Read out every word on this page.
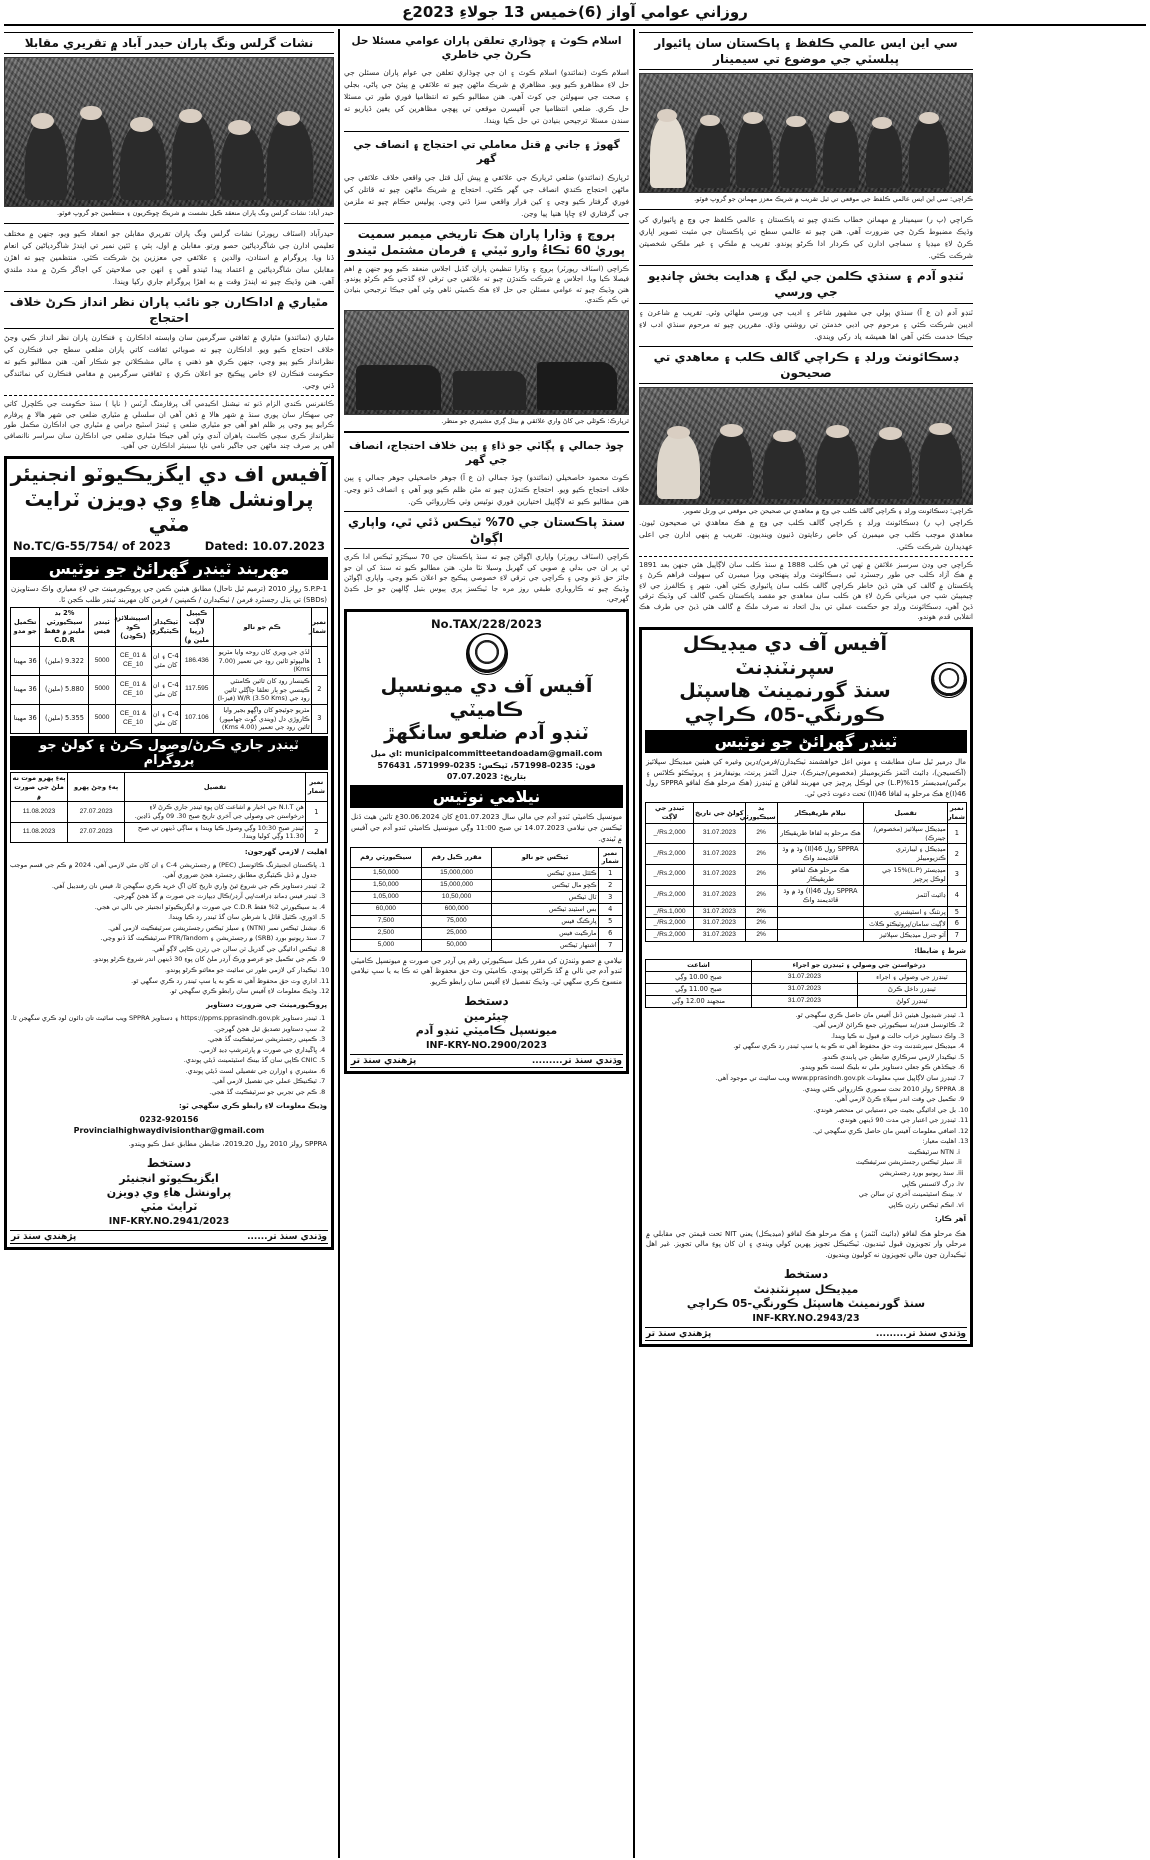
روزاني عوامي آواز (6)خميس 13 جولاءِ 2023ع
نشات گرلس ونگ پاران حيدر آباد ۾ تقريري مقابلا
حيدر آباد: نشات گرلس ونگ پاران منعقد ڪيل نشست ۾ شريڪ ڇوڪريون ۽ منتظمين جو گروپ فوٽو.
حيدرآباد (اسٽاف رپورٽر) نشات گرلس ونگ پاران تقريري مقابلن جو انعقاد ڪيو ويو، جنهن ۾ مختلف تعليمي ادارن جي شاگردياڻين حصو ورتو. مقابلن ۾ اول، ٻئي ۽ ٽئين نمبر تي ايندڙ شاگردياڻين کي انعام ڏنا ويا. پروگرام ۾ استادن، والدين ۽ علائقي جي معززين پڻ شرڪت ڪئي. منتظمين چيو ته اهڙن مقابلن سان شاگردياڻين ۾ اعتماد پيدا ٿيندو آهي ۽ انهن جي صلاحيتن کي اجاگر ڪرڻ ۾ مدد ملندي آهي. هنن وڌيڪ چيو ته ايندڙ وقت ۾ به اهڙا پروگرام جاري رکيا ويندا.
مٿياري ۾ اداڪارن جو نائب پاران نظر انداز ڪرڻ خلاف احتجاج
مٿياري (نمائندو) مٿياري ۾ ثقافتي سرگرمين سان وابسته اداڪارن ۽ فنڪارن پاران نظر انداز ڪيي وڃڻ خلاف احتجاج ڪيو ويو. اداڪارن چيو ته صوبائي ثقافت کاتي پاران ضلعي سطح جي فنڪارن کي نظرانداز ڪيو پيو وڃي، جنهن ڪري هو ذهني ۽ مالي مشڪلاتن جو شڪار آهن. هنن مطالبو ڪيو ته حڪومت فنڪارن لاءِ خاص پيڪيج جو اعلان ڪري ۽ ثقافتي سرگرمين ۾ مقامي فنڪارن کي نمائندگي ڏني وڃي.
ڪانفرنس ڪندي الزام ڏنو ته نيشنل اڪيڊمي آف پرفارمنگ آرٽس ( ناپا ) سنڌ حڪومت جي ڪلچرل کاتي جي سهڪار سان پوري سنڌ ۾ شهر هالا ۾ ڏهن آهي ان سلسلي ۾ مٿياري ضلعي جي شهر هالا ۾ پرفارم ڪرايو پيو وڃي پر ظلم اهو آهي جو مٿياري ضلعي ۽ ٿيندڙ اسٽيج ڊرامي ۾ مٿياري جي اداڪارن مڪمل طور نظرانداز ڪري سچي ڪاسٽ ٻاهران آندي وئي آهي جيڪا مٿياري ضلعي جي اداڪارن سان سراسر ناانصافي آهي پر صرف چند ماڻهن جي جاگير نامي ناپا سينيئر اداڪارن جي آهي.
آفيس اف دي ايگزيڪيوٽو انجنيئر
پراونشل هاءِ وي ڊويزن ٽرايٽ مٽي
No.TC/G-55/754/ of 2023	Dated: 10.07.2023
مهربند ٽينڊر گهرائڻ جو نوٽيس
S.P.P-1 رولز 2010 (ترميم ٿيل تاحال) مطابق هيٺين ڪمن جي پروڪيورمينٽ جي لاءِ معياري واڪ دستاويزن (SBDs) تي ٻڌل رجسٽرڊ فرمن / ٺيڪيدارن / ڪمپنين / فرمن کان مهربند ٽينڊر طلب ڪجن ٿا.
نمبر شمار	ڪم جو نالو	ڪيٻيل لاڳت (رپيا ملين ۾)	ٺيڪيدار ڪيٽيگري	اسپيشلائزڊ ڪوڊ (ڪوڊن)	ٽينڊر فيس	2% بد سيڪيورٽي ملينز ۾ فقط C.D.R	تڪميل جو مدو
1	لڏي جي ويري کان روحه وايا مٽريو هاليپوٽو ٿائين روڊ جي تعمير (7.00 Kms)	186.436	C-4 ۽ ان کان مٿي	CE_01 & CE_10	5000	9.322 (ملين)	36 مهينا
2	ڪينسار روڊ کان ٿائين ڪامنٽي ڪينسي جو ٻار تعلقا ڄاڳلي ٿائين روڊ جي W/R (3.50 Kms) (فيز-I)	117.595	C-4 ۽ ان کان مٿي	CE_01 & CE_10	5000	5.880 (ملين)	36 مهينا
3	مٽريو جوٽيجو کان واڳهو بجير وايا ڪاروڙي دل (ويندي گوٽ جهامپور) ٿائين روڊ جي تعمير (4.00 Kms)	107.106	C-4 ۽ ان کان مٿي	CE_01 & CE_10	5000	5.355 (ملين)	36 مهينا
ٽينڊر جاري ڪرڻ/وصول ڪرڻ ۽ کولڻ جو پروگرام
نمبر شمار	تفصيل	ٻهءِ وڃڻ پهرو	ٻهءِ پهرو موت نه ملڻ جي صورت ۾
1	هن N.I.T جي اخبار ۾ اشاعت کان پوءِ ٽينڊر جاري ڪرڻ لاءِ درخواستن جي وصولي جي آخري تاريخ صبح 30. 09 وڳي ڏاڍين.	27.07.2023	11.08.2023
2	ٽينڊر صبح 10:30 وڳي وصول ڪيا ويندا ۽ ساڳي ڏينهن تي صبح 11.30 وڳي کوليا ويندا.	27.07.2023	11.08.2023
اهليت / لازمي گهرجون:
1. پاڪستان انجنيئرنگ ڪائونسل (PEC) ۾ رجسٽريشن C-4 ۽ ان کان مٿي لازمي آهي، 2024 ۾ ڪم جي قسم موجب جدول ۾ ڏنل ڪيٽيگري مطابق رجسٽرڊ هجڻ ضروري آهي.
2. ٽينڊر دستاويز ڪم جي شروع ٿيڻ واري تاريخ کان اڳ خريد ڪري سگهجن ٿا، فيس نان رفنڊيبل آهي.
3. ٽينڊر فيس ڊمانڊ ڊرافٽ/پي آرڊر/ڪال ڊيپازٽ جي صورت ۾ گڏ هجڻ گهرجي.
4. بد سيڪيورٽي 2% فقط C.D.R جي صورت ۾ ايگزيڪيوٽو انجنيئر جي نالي تي هجي.
5. اڌوري، ڪٽيل ڦاٽل يا شرطن سان گڏ ٽينڊر رد ڪيا ويندا.
6. نيشنل ٽيڪس نمبر (NTN) ۽ سيلز ٽيڪس رجسٽريشن سرٽيفڪيٽ لازمي آهي.
7. سنڌ ريونيو بورڊ (SRB) ۾ رجسٽريشن ۽ PTR/Tandom سرٽيفڪيٽ گڏ ڏنو وڃي.
8. ٽيڪس ادائيگي جي گذريل ٽن سالن جي رٽرن ڪاپي لاڳو آهي.
9. ڪم جي تڪميل جو عرصو ورڪ آرڊر ملڻ کان پوءِ 30 ڏينهن اندر شروع ڪرڻو پوندو.
10. ٺيڪيدار کي لازمي طور تي سائيٽ جو معائنو ڪرڻو پوندو.
11. اداري وٽ حق محفوظ آهي ته ڪو به يا سڀ ٽينڊر رد ڪري سگهي ٿو.
12. وڌيڪ معلومات لاءِ آفيس سان رابطو ڪري سگهجي ٿو.
پروڪيورمينٽ جي ضرورت دستاويز
1. ٽينڊر دستاويز https://ppms.pprasindh.gov.pk ۽ دستاويز SPPRA ويب سائيٽ تان ڊائون لوڊ ڪري سگهجن ٿا.
2. سڀ دستاويز تصديق ٿيل هجڻ گهرجن.
3. ڪمپني رجسٽريشن سرٽيفڪيٽ گڏ هجي.
4. ڀاڱيداري جي صورت ۾ پارٽنرشپ ڊيڊ لازمي.
5. CNIC ڪاپي سان گڏ بينڪ اسٽيٽمينٽ ڏيڻي پوندي.
6. مشينري ۽ اوزارن جي تفصيلي لسٽ ڏيڻي پوندي.
7. ٽيڪنيڪل عملي جي تفصيل لازمي آهي.
8. ڪم جي تجربي جو سرٽيفڪيٽ گڏ هجي.
وڌيڪ معلومات لاءِ رابطو ڪري سگهجي ٿو:
0232-920156
Provincialhighwaydivisionthar@gmail.com
SPPRA رولز 2010 رول 20ـ2019، ضابطن مطابق عمل ڪيو ويندو.
دستخط
ايگزيڪيوٽو انجنيئر
پراونشل هاءِ وي ڊويزن
ٽرايٽ مٽي
INF-KRY.NO.2941/2023
وڌندي سنڌ تر......
پڙهندي سنڌ تر
اسلام ڪوٽ ۽ چوڌاري تعلقن پاران عوامي مسئلا حل ڪرڻ جي خاطري
اسلام ڪوٽ (نمائندو) اسلام ڪوٽ ۽ ان جي چوڌاري تعلقن جي عوام پاران مسئلن جي حل لاءِ مظاهرو ڪيو ويو. مظاهري ۾ شريڪ ماڻهن چيو ته علائقي ۾ پيئڻ جي پاڻي، بجلي ۽ صحت جي سهولتن جي کوٽ آهي. هنن مطالبو ڪيو ته انتظاميا فوري طور تي مسئلا حل ڪري. ضلعي انتظاميا جي آفيسرن موقعي تي پهچي مظاهرين کي يقين ڏياريو ته سندن مسئلا ترجيحي بنيادن تي حل ڪيا ويندا.
گهوڙ ۽ جاني ۾ قتل معاملي تي احتجاج ۽ انصاف جي گهر
ٿرپارڪ (نمائندو) ضلعي ٿرپارڪ جي علائقي ۾ پيش آيل قتل جي واقعي خلاف علائقي جي ماڻهن احتجاج ڪندي انصاف جي گهر ڪئي. احتجاج ۾ شريڪ ماڻهن چيو ته قاتلن کي فوري گرفتار ڪيو وڃي ۽ کين قرار واقعي سزا ڏني وڃي. پوليس حڪام چيو ته ملزمن جي گرفتاري لاءِ ڇاپا هنيا پيا وڃن.
ٻروچ ۽ وڌارا پاران ھڪ تاريخي ميمبر سميت پوريٰ 60 ٽڪاءُ وارو ٽيٽي ۽ فرمان مشتمل ٿيندو
ڪراچي (اسٽاف رپورٽر) ٻروچ ۽ وڌارا تنظيمن پاران گڏيل اجلاس منعقد ڪيو ويو جنهن ۾ اهم فيصلا ڪيا ويا. اجلاس ۾ شرڪت ڪندڙن چيو ته علائقي جي ترقي لاءِ گڏجي ڪم ڪرڻو پوندو. هنن وڌيڪ چيو ته عوامي مسئلن جي حل لاءِ هڪ ڪميٽي ٺاهي وئي آهي جيڪا ترجيحي بنيادن تي ڪم ڪندي.
ٿرپارڪ: ڪوئلي جي کاڻ واري علائقي ۾ بيٺل ڳري مشينري جو منظر.
چوڌ جمالي ۽ پڳاٽي جو ڌاءِ ۽ ٻين خلاف احتجاج، انصاف جي گهر
ڪوٽ محمود خاصخيلي (نمائندو) چوڌ جمالي (ن ع آ) جوهر خاصخيلي جوهر جمالي ۽ ٻين خلاف احتجاج ڪيو ويو. احتجاج ڪندڙن چيو ته مٿن ظلم ڪيو ويو آهي ۽ انصاف ڏنو وڃي. هنن مطالبو ڪيو ته لاڳاپيل اختيارين فوري نوٽيس وٺي ڪارروائي ڪن.
سنڌ پاڪستان جي 70% ٽيڪس ڏئي ٿي، واپاري اڳواڻ
ڪراچي (اسٽاف رپورٽر) واپاري اڳواڻن چيو ته سنڌ پاڪستان جي 70 سيڪڙو ٽيڪس ادا ڪري ٿي پر ان جي بدلي ۾ صوبي کي گهربل وسيلا نٿا ملن. هنن مطالبو ڪيو ته سنڌ کي ان جو جائز حق ڏنو وڃي ۽ ڪراچي جي ترقي لاءِ خصوصي پيڪيج جو اعلان ڪيو وڃي. واپاري اڳواڻن وڌيڪ چيو ته ڪاروباري طبقي روز مره جا ٽيڪسز پري ٻيوس بتيل ڳالهين جو حل ڪڍڻ گهرجي.
No.TAX/228/2023
آفيس آف دي ميونسپل ڪاميٽي
ٽنڊو آدم ضلعو سانگهڙ
اي ميل: municipalcommitteetandoadam@gmail.com
فون: 0235-571998، ٽيڪس: 0235-571999، 576431
بتاريخ: 07.07.2023
نيلامي نوٽيس
ميونسپل ڪاميٽي ٽنڊو آدم جي مالي سال 01.07.2023ع کان 30.06.2024ع تائين ھيٺ ڏنل ٽيڪسن جي نيلامي 14.07.2023 تي صبح 11:00 وڳي ميونسپل ڪاميٽي ٽنڊو آدم جي آفيس ۾ ٿيندي.
نمبر شمار	ٽيڪس جو نالو	مقرر ڪيل رقم	سيڪيورٽي رقم
1	ڪئٽل منڊي ٽيڪس	15,000,000	1,50,000
2	ڪچو مال ٽيڪس	15,000,000	1,50,000
3	ٽال ٽيڪس	10,50,000	1,05,000
4	بس اسٽينڊ ٽيڪس	600,000	60,000
5	پارڪنگ فيس	75,000	7,500
6	مارڪيٽ فيس	25,000	2,500
7	اشتهار ٽيڪس	50,000	5,000
نيلامي ۾ حصو وٺندڙن کي مقرر ڪيل سيڪيورٽي رقم پي آرڊر جي صورت ۾ ميونسپل ڪاميٽي ٽنڊو آدم جي نالي ۾ گڏ ڪرائڻي پوندي. ڪاميٽي وٽ حق محفوظ آهي ته ڪا به يا سڀ نيلامي منسوخ ڪري سگهي ٿي. وڌيڪ تفصيل لاءِ آفيس سان رابطو ڪريو.
دستخط
چيئرمين
ميونسپل ڪاميٽي ٽنڊو آدم
INF-KRY-NO.2900/2023
وڌندي سنڌ تر.........
پڙهندي سنڌ تر
سي اين ايس عالمي ڪلفظ ۽ پاڪستان سان ڀائيوار پبلسٽي جي موضوع تي سيمينار
ڪراچي: سي اين ايس عالمي ڪلفظ جي موقعي تي ٿيل تقريب ۾ شريڪ معزز مهمانن جو گروپ فوٽو.
ڪراچي (پ ر) سيمينار ۾ مهمانن خطاب ڪندي چيو ته پاڪستان ۽ عالمي ڪلفظ جي وچ ۾ ڀائيواري کي وڌيڪ مضبوط ڪرڻ جي ضرورت آهي. هنن چيو ته عالمي سطح تي پاڪستان جي مثبت تصوير اڀاري ڪرڻ لاءِ ميڊيا ۽ سماجي ادارن کي ڪردار ادا ڪرڻو پوندو. تقريب ۾ ملڪي ۽ غير ملڪي شخصيتن شرڪت ڪئي.
ٽنڊو آدم ۽ سنڌي ڪلمن جي ليگ ۽ هدايت بخش چانڊيو جي ورسي
ٽنڊو آدم (ن ع آ) سنڌي ٻولي جي مشهور شاعر ۽ اديب جي ورسي ملهائي وئي. تقريب ۾ شاعرن ۽ اديبن شرڪت ڪئي ۽ مرحوم جي ادبي خدمتن تي روشني وڌي. مقررين چيو ته مرحوم سنڌي ادب لاءِ جيڪا خدمت ڪئي آهي اها هميشه ياد رکي ويندي.
ڊسڪائونٽ ورلڊ ۽ ڪراچي گالف ڪلب ۽ معاهدي تي صحيحون
ڪراچي: ڊسڪائونٽ ورلڊ ۽ ڪراچي گالف ڪلب جي وچ ۾ معاهدي تي صحيحن جي موقعي تي ورتل تصوير.
ڪراچي (پ ر) ڊسڪائونٽ ورلڊ ۽ ڪراچي گالف ڪلب جي وچ ۾ هڪ معاهدي تي صحيحون ٿيون. معاهدي موجب ڪلب جي ميمبرن کي خاص رعايتون ڏنيون وينديون. تقريب ۾ ٻنهي ادارن جي اعلى عهديدارن شرڪت ڪئي.
ڪراچي جي وڊن سرسبز علائقن ۾ ٺهي ٿي هي ڪلب 1888 ۾ سنڌ ڪلب سان لاڳاپيل هئي جنهن بعد 1891 ۾ هڪ آزاد ڪلب جي طور رجسٽرڊ ٿيي ڊسڪائونٽ ورلڊ پنهنجي ويزا ميمبرن کي سهولت فراهم ڪرڻ ۽ پاڪستان ۾ گالف کي هٿي ڏيڻ خاطر ڪراچي گالف ڪلب سان ڀائيواري ڪئي آهي. شهر ۽ ڪالفرز جي لاءِ چيمپيئن شپ جي ميزباني ڪرڻ لاءِ هن ڪلب سان معاهدي جو مقصد پاڪستان ڪمي گالف کي وڌيڪ ترقي ڏيڻ آهي، ڊسڪائونٽ ورلڊ جو حڪمت عملي تي بدل اتحاد نه صرف ملڪ ۾ گالف هئي ڏيڻ جي طرف هڪ انقلابي قدم هوندو.
آفيس آف دي ميڊيڪل سپرنٽنڊنٽ
سنڌ گورنمينٽ هاسپٽل ڪورنگي-05، ڪراچي
ٽينڊر گهرائڻ جو نوٽيس
مال ڊرمير ٿيل سان مطابقت ۽ موني اعل خواهشمند ٺيڪيدارن/فرمن/ڊرين وغيره کي هيٺين ميڊيڪل سپلائيز (آڪسيجن)، ڊائيٽ آئٽمز ڪنزيوميبلز (مخصوص/جينرڪ)، جنرل آئٽمز پرنٽ، يونيفارمز ۽ پروٽيڪٽو ڪلاٿس ۽ برگس/ميڊيسٽر 15%(L.P) جي لوڪل پرچيز جي مهربند لفافن ۾ ٽينڊرز (هڪ مرحلو هڪ لفافو SPPRA رول 46(I)ع هڪ مرحلو ٻه لفافا 46(II) تحت دعوت ڏجي ٿي.
نمبر شمار	تفصيل	نيلام طريقيڪار	بد سيڪيورٽي	کولڻ جي تاريخ	ٽينڊر جي لاڳت
1	ميڊيڪل سپلائيز (مخصوص/جينرڪ)	هڪ مرحلو ٻه لفافا طريقيڪار	2%	31.07.2023	Rs.2,000/_
2	ميڊيڪل ۽ ليبارٽري ڪنزيوميبلز	SPPRA رول 46(II) وڌ ۾ وڌ ڦائديمند واڪ	2%	31.07.2023	Rs.2,000/_
3	ميڊيسٽر (L.P)15% جي لوڪل پرچيز	هڪ مرحلو هڪ لفافو طريقيڪار	2%	31.07.2023	Rs.2,000/_
4	ڊائيٽ آئٽمز	SPPRA رول 46(I) وڌ ۾ وڌ ڦائديمند واڪ	2%	31.07.2023	Rs.2,000/_
5	پرنٽنگ ۽ اسٽيشنري		2%	31.07.2023	Rs.1,000/_
6	لاڳيت سامان/پروٽيڪٽو ڪلاٿ		2%	31.07.2023	Rs.2,000/_
7	آٽو جنرل ميڊيڪل سپلائيز		2%	31.07.2023	Rs.2,000/_
شرط ۽ ضابطا:
درخواستن جي وصولي ۽ ٽينڊرن جو اجراء		اشاعت
ٽينڊرز جي وصولي ۽ اجراء	31.07.2023	صبح 10.00 وڳي
ٽينڊرز داخل ڪرڻ	31.07.2023	صبح 11.00 وڳي
ٽينڊرز کولڻ	31.07.2023	منجهند 12.00 وڳي
1. ٽينڊر شيڊيول هيٺين ڏنل آفيس مان حاصل ڪري سگهجي ٿو.
2. ڪائونسل فنڊز/بد سيڪيورٽي جمع ڪرائڻ لازمي آهي.
3. واڪ دستاويز خراب حالت ۾ قبول نه ڪيا ويندا.
4. ميڊيڪل سپرنٽنڊنٽ وٽ حق محفوظ آهي ته ڪو به يا سڀ ٽينڊر رد ڪري سگهي ٿو.
5. ٺيڪيدار لازمي سرڪاري ضابطن جي پابندي ڪندو.
6. جيڪڏهن ڪو جعلي دستاويز ملي ته بليڪ لسٽ ڪيو ويندو.
7. ٽينڊرز سان لاڳاپيل سڀ معلومات www.pprasindh.gov.pk ويب سائيٽ تي موجود آهي.
8. SPPRA رولز 2010 تحت سموري ڪارروائي ڪئي ويندي.
9. تڪميل جي وقت اندر سپلاءِ ڪرڻ لازمي آهي.
10. بل جي ادائيگي بجيٽ جي دستيابي تي منحصر هوندي.
11. ٽينڊرز جي اعتبار جي مدت 90 ڏينهن هوندي.
12. اضافي معلومات آفيس مان حاصل ڪري سگهجي ٿي.
13. اهليت معيار:
i. NTN سرٽيفڪيٽ
ii. سيلز ٽيڪس رجسٽريشن سرٽيفڪيٽ
iii. سنڌ ريونيو بورڊ رجسٽريشن
iv. ڊرگ لائسنس ڪاپي
v. بينڪ اسٽيٽمينٽ آخري ٽن سالن جي
vi. انڪم ٽيڪس رٽرن ڪاپي
آهر ڪار:
هڪ مرحلو هڪ لفافو (ڊائيٽ آئٽمز) ۽ هڪ مرحلو هڪ لفافو (ميڊيڪل) يعني NIT تحت قيمتن جي مقابلي ۾ مرحلي وار تجويزون قبول ٿينديون. ٽيڪنيڪل تجويز پهرين کولي ويندي ۽ ان کان پوءِ مالي تجويز. غير اهل ٺيڪيدارن جون مالي تجويزون نه کوليون وينديون.
دستخط
ميڊيڪل سپرنٽنڊنٽ
سنڌ گورنمينٽ هاسپٽل ڪورنگي-05 ڪراچي
INF-KRY.NO.2943/23
وڌندي سنڌ تر.........
پڙهندي سنڌ تر
